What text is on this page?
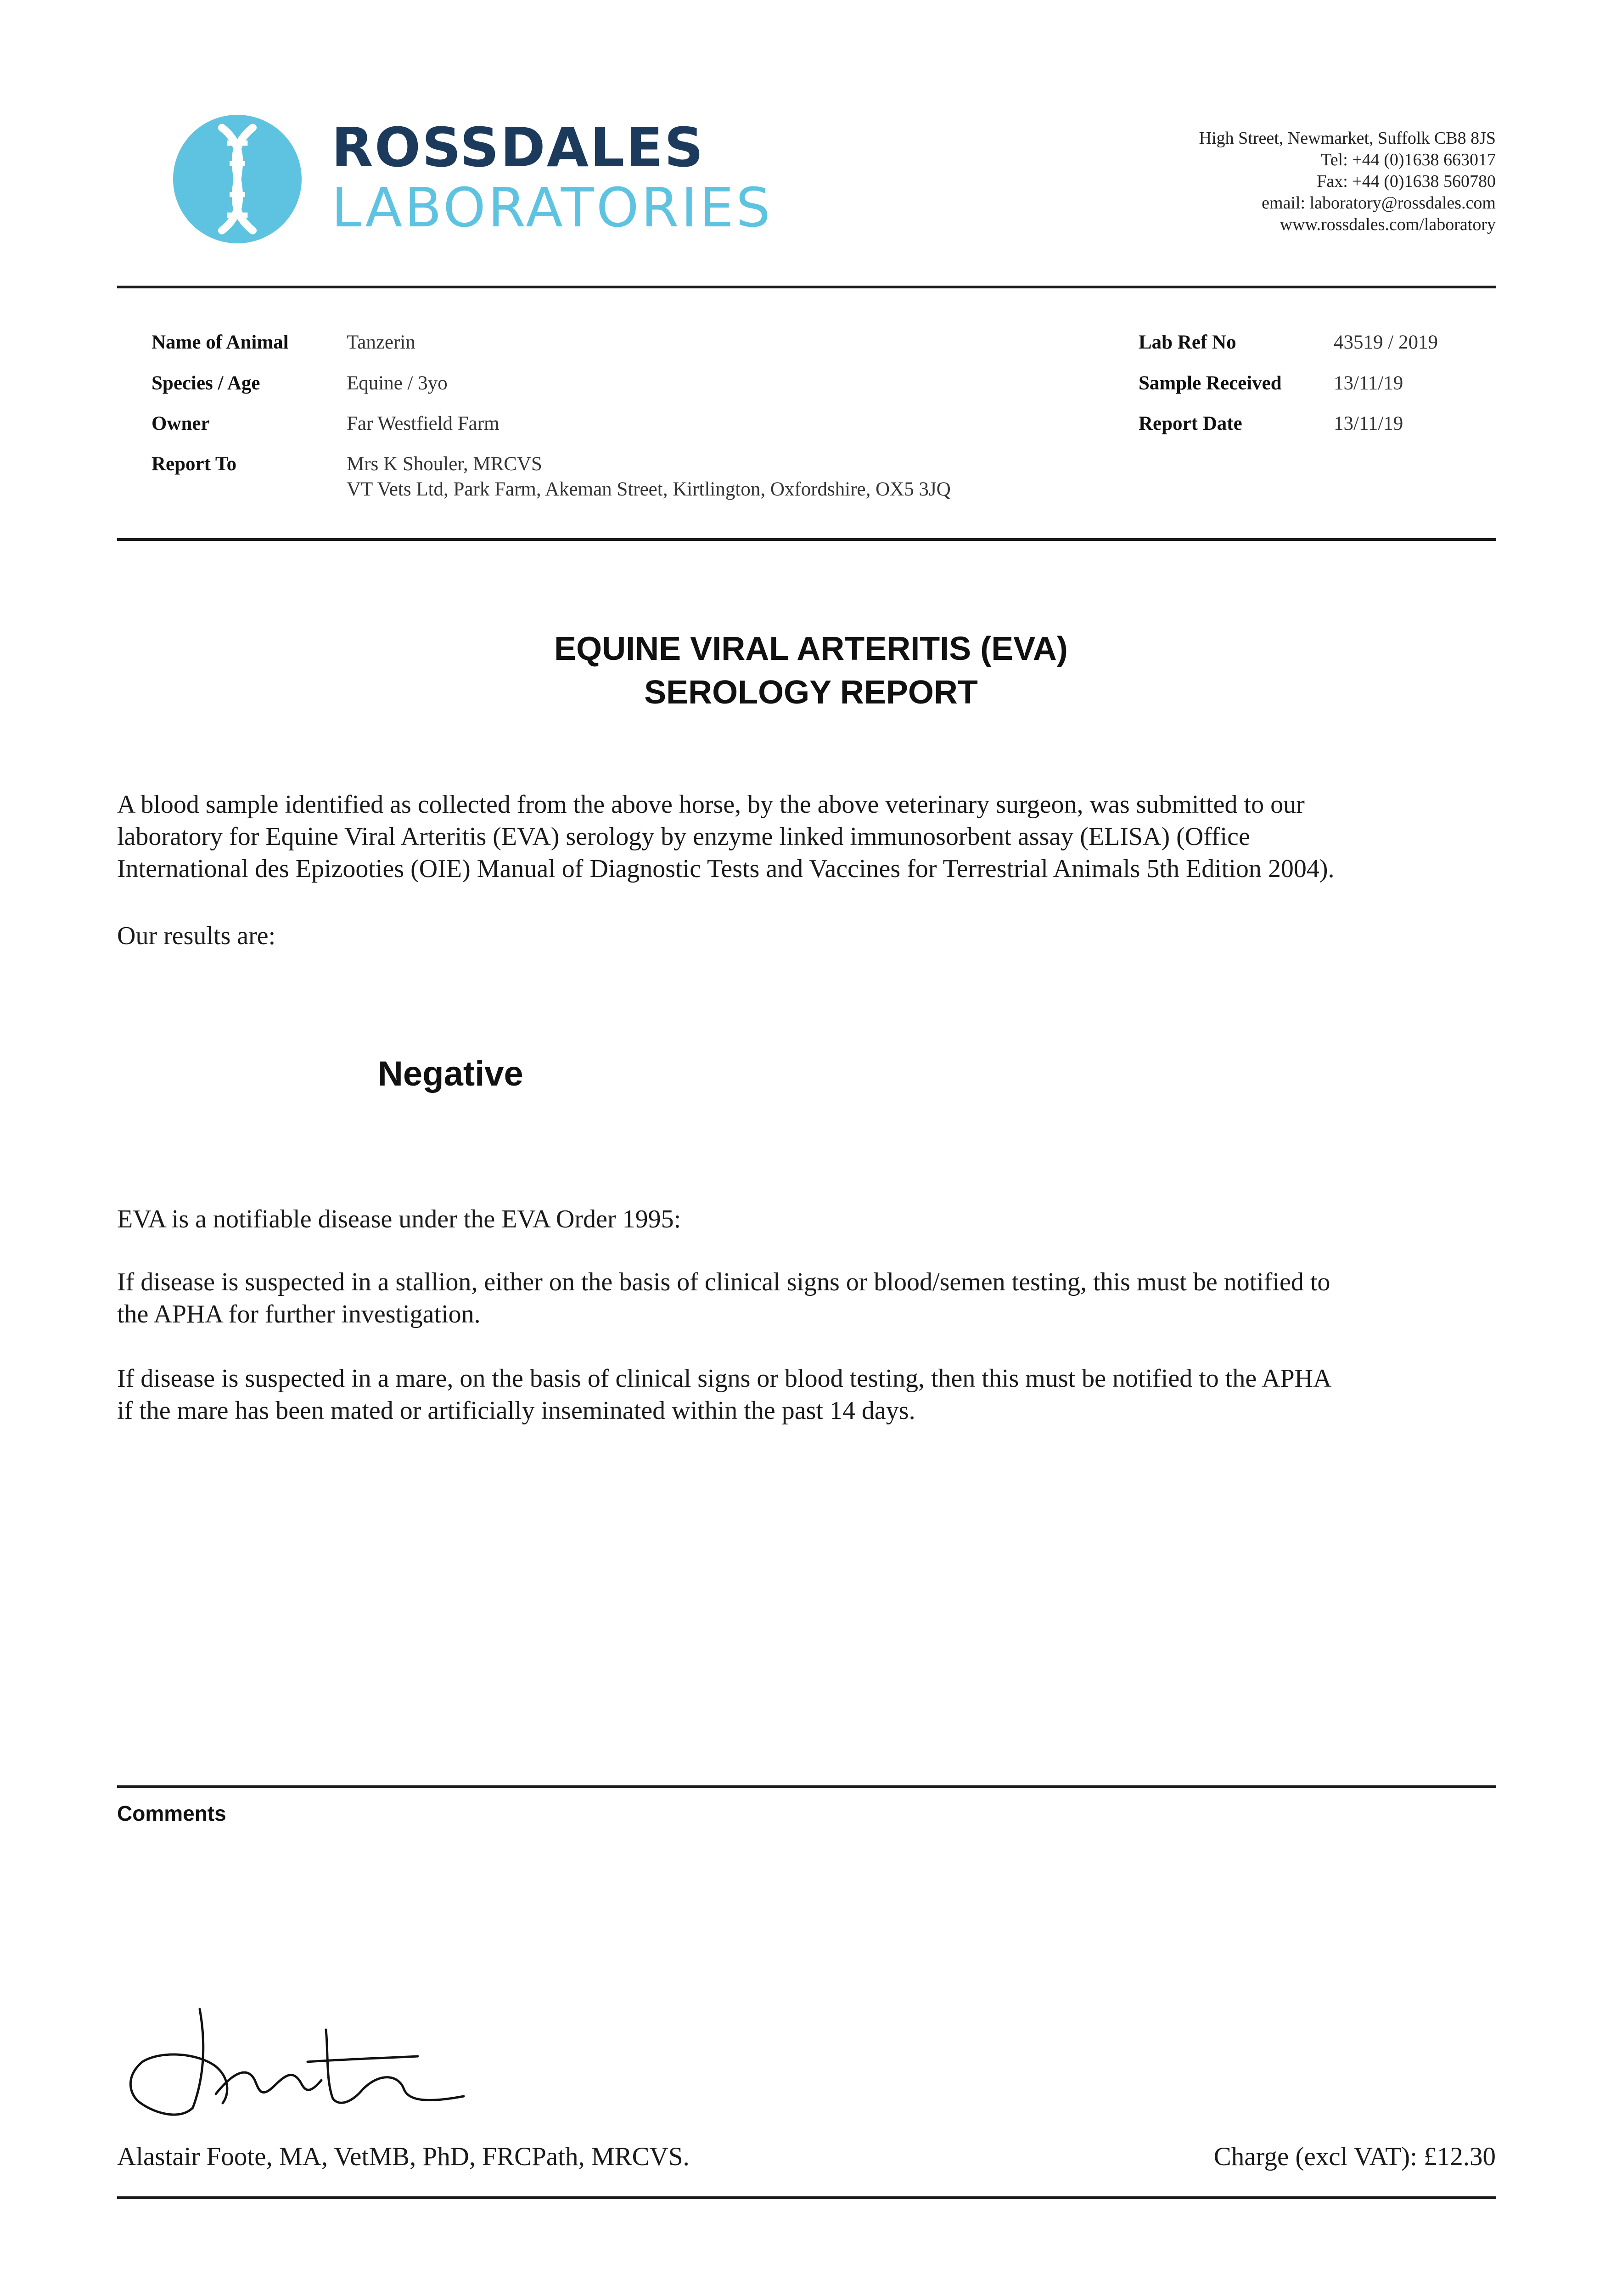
ROSSDALES
LABORATORIES
High Street, Newmarket, Suffolk CB8 8JS
Tel: +44 (0)1638 663017
Fax: +44 (0)1638 560780
email: laboratory@rossdales.com
www.rossdales.com/laboratory
Name of Animal	Tanzerin
Species / Age	Equine / 3yo
Owner	Far Westfield Farm
Report To	Mrs K Shouler, MRCVS
VT Vets Ltd, Park Farm, Akeman Street, Kirtlington, Oxfordshire, OX5 3JQ
Lab Ref No	43519 / 2019
Sample Received	13/11/19
Report Date	13/11/19
EQUINE VIRAL ARTERITIS (EVA)
SEROLOGY REPORT
A blood sample identified as collected from the above horse, by the above veterinary surgeon, was submitted to our
laboratory for Equine Viral Arteritis (EVA) serology by enzyme linked immunosorbent assay (ELISA) (Office
International des Epizooties (OIE) Manual of Diagnostic Tests and Vaccines for Terrestrial Animals 5th Edition 2004).
Our results are:
Negative
EVA is a notifiable disease under the EVA Order 1995:
If disease is suspected in a stallion, either on the basis of clinical signs or blood/semen testing, this must be notified to
the APHA for further investigation.
If disease is suspected in a mare, on the basis of clinical signs or blood testing, then this must be notified to the APHA
if the mare has been mated or artificially inseminated within the past 14 days.
Comments
Alastair Foote, MA, VetMB, PhD, FRCPath, MRCVS.	Charge (excl VAT): £12.30
